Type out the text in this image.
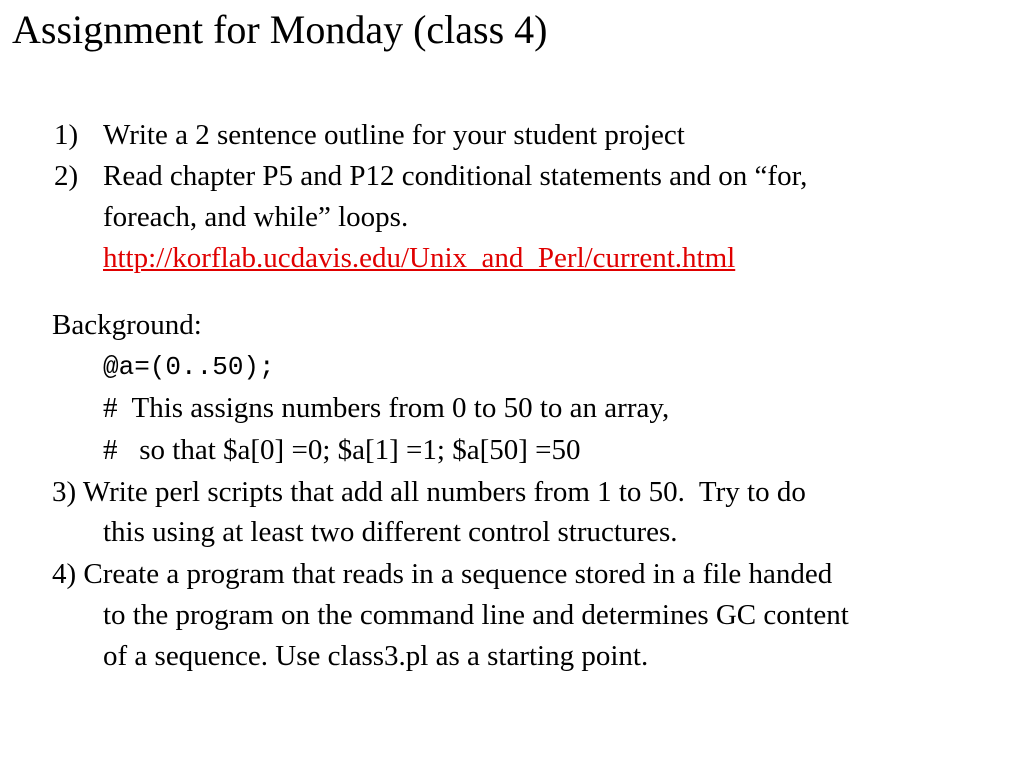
Assignment for Monday (class 4)
1) Write a 2 sentence outline for your student project
2) Read chapter P5 and P12 conditional statements and on “for,
foreach, and while” loops.
http://korflab.ucdavis.edu/Unix_and_Perl/current.html
Background:
@a=(0..50);
#  This assigns numbers from 0 to 50 to an array,
#   so that $a[0] =0; $a[1] =1; $a[50] =50
3) Write perl scripts that add all numbers from 1 to 50.  Try to do
this using at least two different control structures.
4) Create a program that reads in a sequence stored in a file handed
to the program on the command line and determines GC content
of a sequence. Use class3.pl as a starting point.
